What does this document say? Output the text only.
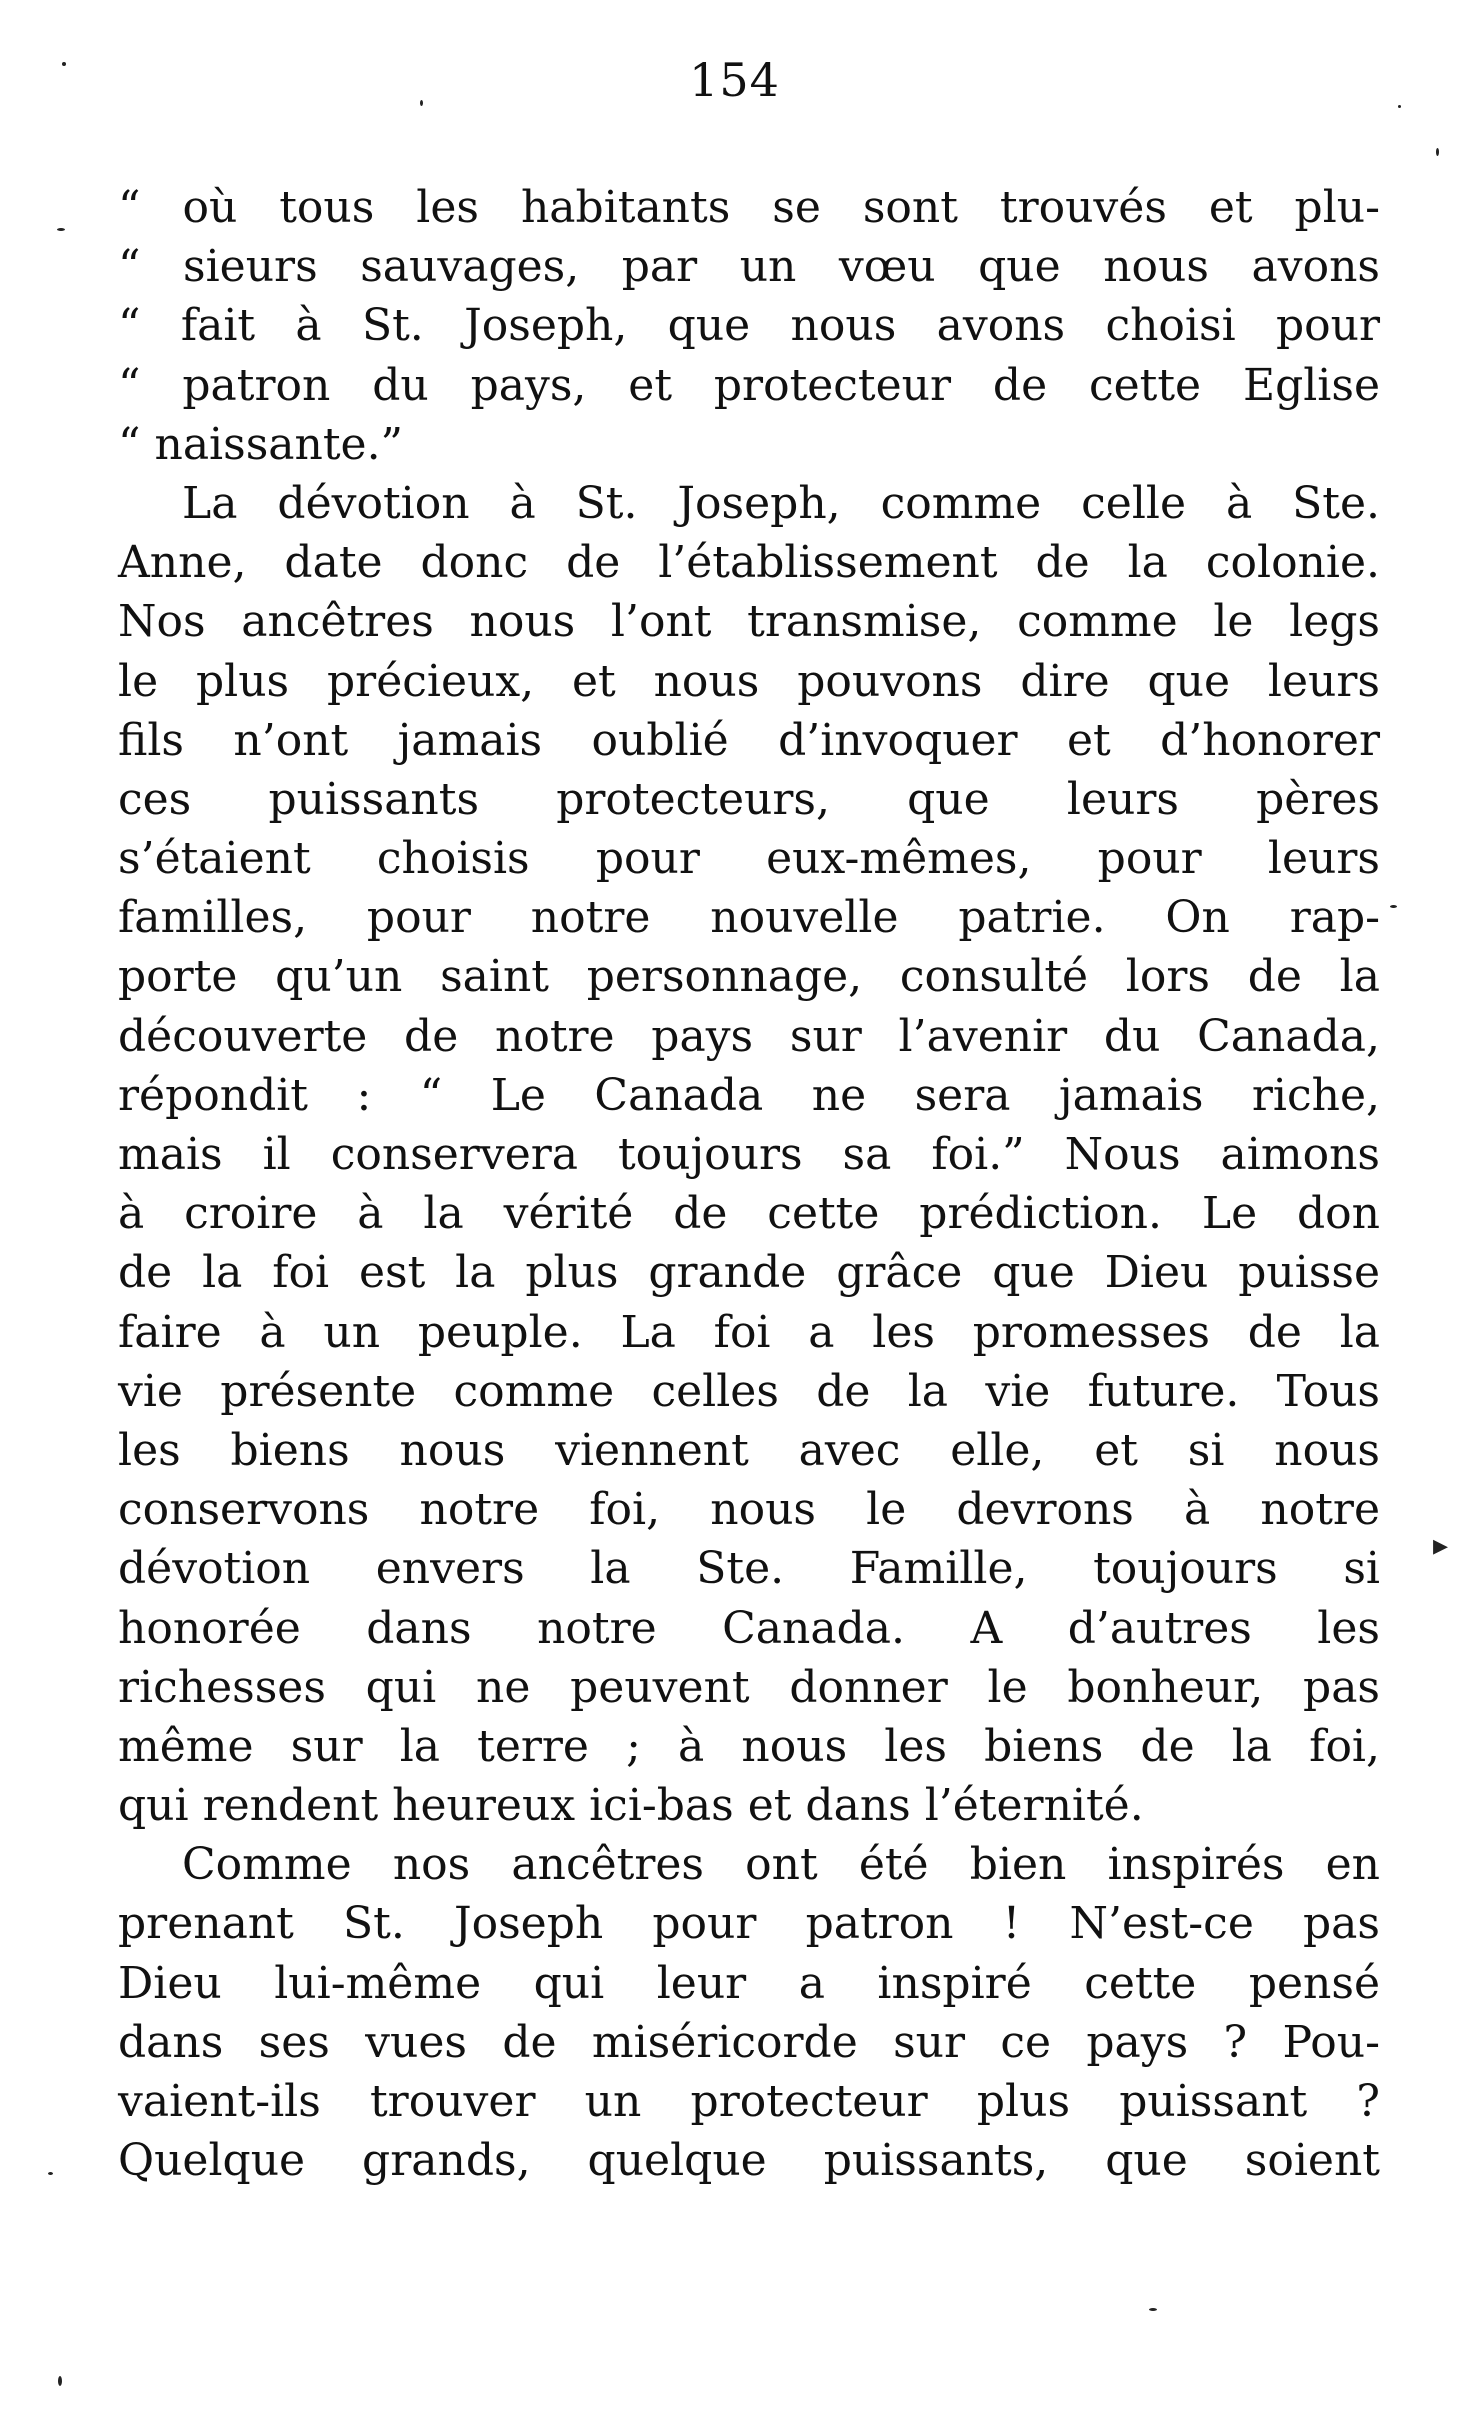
154
“ où tous les habitants se sont trouvés et plu-
“ sieurs sauvages, par un vœu que nous avons
“ fait à St. Joseph, que nous avons choisi pour
“ patron du pays, et protecteur de cette Eglise
“ naissante.”
La dévotion à St. Joseph, comme celle à Ste.
Anne, date donc de l’établissement de la colonie.
Nos ancêtres nous l’ont transmise, comme le legs
le plus précieux, et nous pouvons dire que leurs
fils n’ont jamais oublié d’invoquer et d’honorer
ces puissants protecteurs, que leurs pères
s’étaient choisis pour eux-mêmes, pour leurs
familles, pour notre nouvelle patrie. On rap-
porte qu’un saint personnage, consulté lors de la
découverte de notre pays sur l’avenir du Canada,
répondit : “ Le Canada ne sera jamais riche,
mais il conservera toujours sa foi.” Nous aimons
à croire à la vérité de cette prédiction. Le don
de la foi est la plus grande grâce que Dieu puisse
faire à un peuple. La foi a les promesses de la
vie présente comme celles de la vie future. Tous
les biens nous viennent avec elle, et si nous
conservons notre foi, nous le devrons à notre
dévotion envers la Ste. Famille, toujours si
honorée dans notre Canada. A d’autres les
richesses qui ne peuvent donner le bonheur, pas
même sur la terre ; à nous les biens de la foi,
qui rendent heureux ici-bas et dans l’éternité.
Comme nos ancêtres ont été bien inspirés en
prenant St. Joseph pour patron ! N’est-ce pas
Dieu lui-même qui leur a inspiré cette pensé
dans ses vues de miséricorde sur ce pays ? Pou-
vaient-ils trouver un protecteur plus puissant ?
Quelque grands, quelque puissants, que soient
▸
